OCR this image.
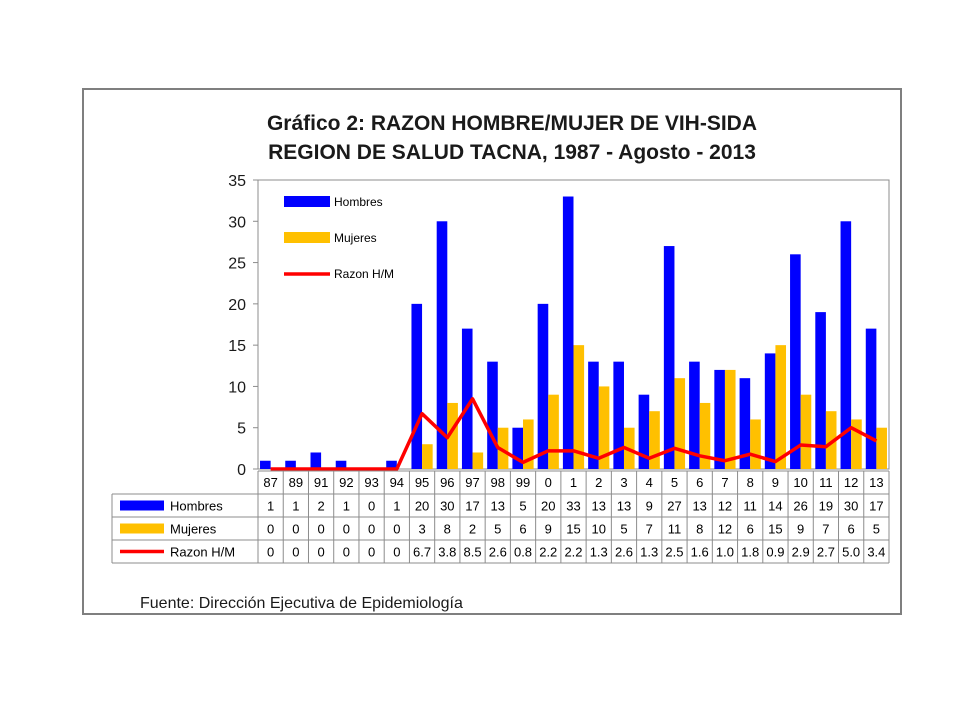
Gráfico 2: RAZON HOMBRE/MUJER DE VIH-SIDA
REGION DE SALUD TACNA, 1987 - Agosto - 2013
0
5
10
15
20
25
30
35
Hombres
Mujeres
Razon H/M
87 89 91 92 93 94 95 96 97 98 99 0 1 2 3 4 5 6 7 8 9 10 11 12 13
Hombres	1 1 2 1 0 1 20 30 17 13 5 20 33 13 13 9 27 13 12 11 14 26 19 30 17
Mujeres	0 0 0 0 0 0 3 8 2 5 6 9 15 10 5 7 11 8 12 6 15 9 7 6 5
Razon H/M 0 0 0 0 0 0 6.7 3.8 8.5 2.6 0.8 2.2 2.2 1.3 2.6 1.3 2.5 1.6 1.0 1.8 0.9 2.9 2.7 5.0 3.4
Fuente: Dirección Ejecutiva de Epidemiología
